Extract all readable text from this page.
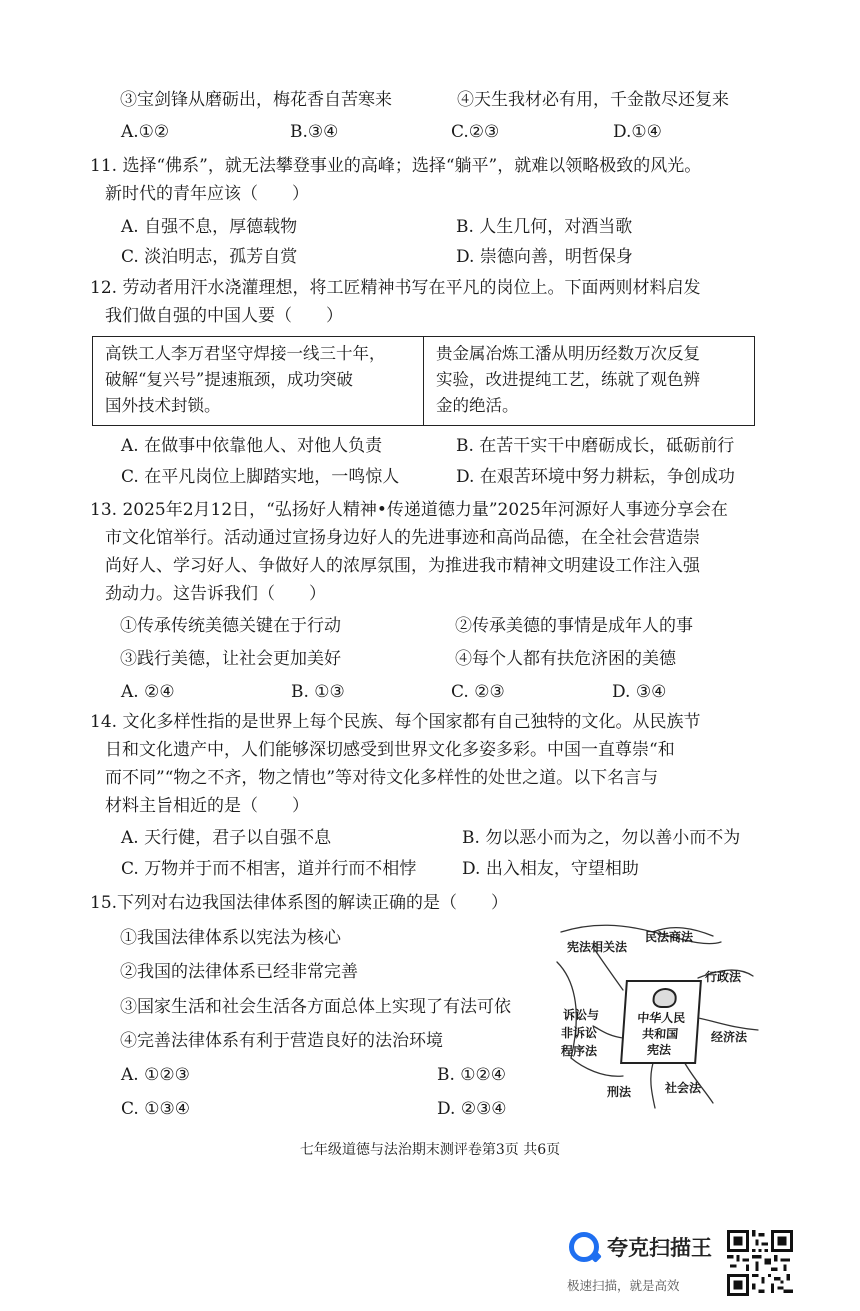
③宝剑锋从磨砺出，梅花香自苦寒来	④天生我材必有用，千金散尽还复来
A.①②	B.③④	C.②③	D.①④
11. 选择“佛系”，就无法攀登事业的高峰；选择“躺平”，就难以领略极致的风光。
新时代的青年应该（　　）
A. 自强不息，厚德载物	B. 人生几何，对酒当歌
C. 淡泊明志，孤芳自赏	D. 崇德向善，明哲保身
12. 劳动者用汗水浇灌理想，将工匠精神书写在平凡的岗位上。下面两则材料启发
我们做自强的中国人要（　　）
高铁工人李万君坚守焊接一线三十年，
破解“复兴号”提速瓶颈，成功突破
国外技术封锁。

贵金属冶炼工潘从明历经数万次反复
实验，改进提纯工艺，练就了观色辨
金的绝活。
A. 在做事中依靠他人、对他人负责	B. 在苦干实干中磨砺成长，砥砺前行
C. 在平凡岗位上脚踏实地，一鸣惊人	D. 在艰苦环境中努力耕耘，争创成功
13. 2025年2月12日，“弘扬好人精神•传递道德力量”2025年河源好人事迹分享会在
市文化馆举行。活动通过宣扬身边好人的先进事迹和高尚品德，在全社会营造崇
尚好人、学习好人、争做好人的浓厚氛围，为推进我市精神文明建设工作注入强
劲动力。这告诉我们（　　）
①传承传统美德关键在于行动	②传承美德的事情是成年人的事
③践行美德，让社会更加美好	④每个人都有扶危济困的美德
A. ②④	B. ①③	C. ②③	D. ③④
14. 文化多样性指的是世界上每个民族、每个国家都有自己独特的文化。从民族节
日和文化遗产中，人们能够深切感受到世界文化多姿多彩。中国一直尊崇“和
而不同”“物之不齐，物之情也”等对待文化多样性的处世之道。以下名言与
材料主旨相近的是（　　）
A. 天行健，君子以自强不息	B. 勿以恶小而为之，勿以善小而不为
C. 万物并于而不相害，道并行而不相悖	D. 出入相友，守望相助
15.下列对右边我国法律体系图的解读正确的是（　　）
①我国法律体系以宪法为核心
②我国的法律体系已经非常完善
③国家生活和社会生活各方面总体上实现了有法可依
④完善法律体系有利于营造良好的法治环境
A. ①②③	B. ①②④
C. ①③④	D. ②③④
宪法相关法
民法商法
行政法
经济法
社会法
刑法
诉讼与
非诉讼
程序法
中华人民
共和国
宪法
七年级道德与法治期末测评卷第3页 共6页
夸克扫描王
极速扫描，就是高效
